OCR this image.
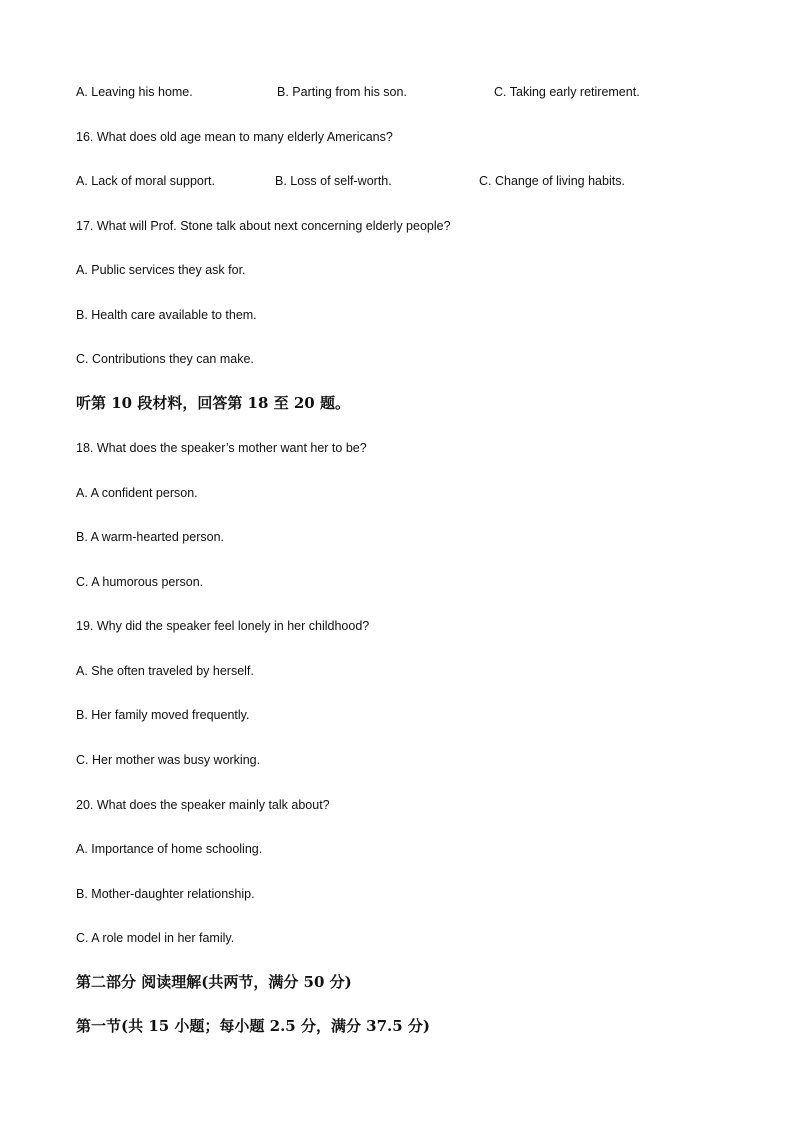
A. Leaving his home.	B. Parting from his son.	C. Taking early retirement.
16. What does old age mean to many elderly Americans?
A. Lack of moral support.	B. Loss of self-worth.	C. Change of living habits.
17. What will Prof. Stone talk about next concerning elderly people?
A. Public services they ask for.
B. Health care available to them.
C. Contributions they can make.
听第 10 段材料，回答第 18 至 20 题。
18. What does the speaker’s mother want her to be?
A. A confident person.
B. A warm-hearted person.
C. A humorous person.
19. Why did the speaker feel lonely in her childhood?
A. She often traveled by herself.
B. Her family moved frequently.
C. Her mother was busy working.
20. What does the speaker mainly talk about?
A. Importance of home schooling.
B. Mother-daughter relationship.
C. A role model in her family.
第二部分 阅读理解(共两节，满分 50 分)
第一节(共 15 小题；每小题 2.5 分，满分 37.5 分)
